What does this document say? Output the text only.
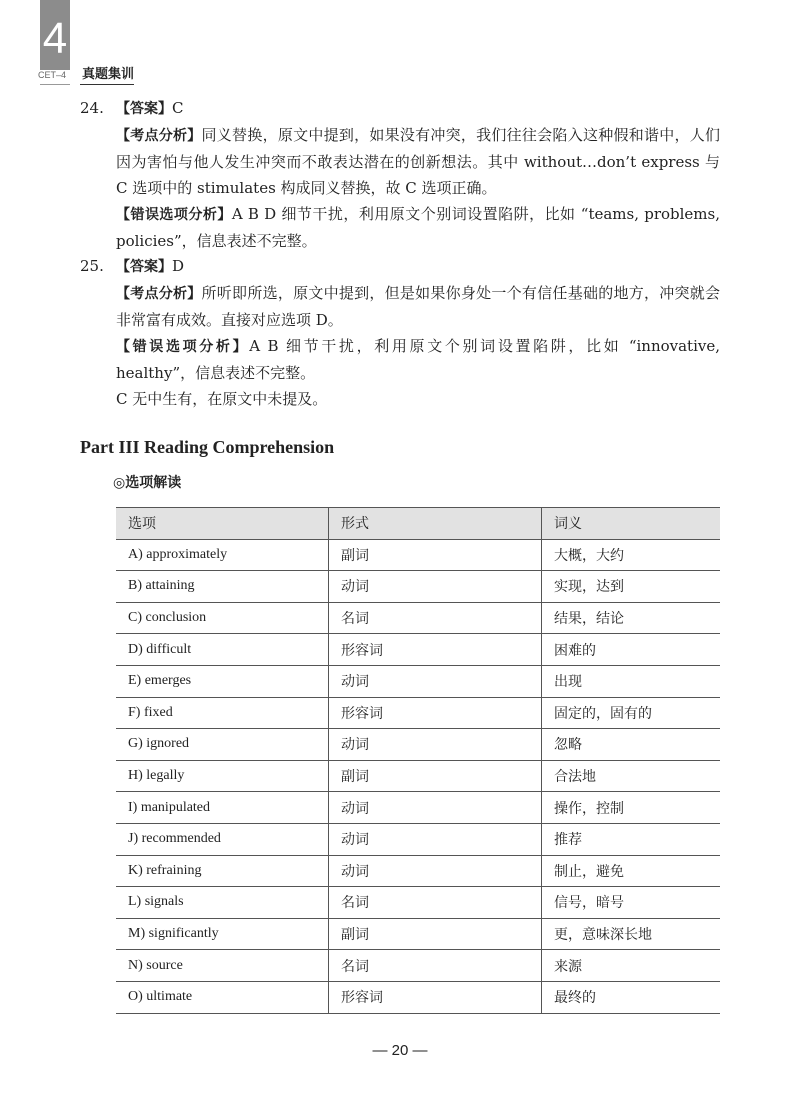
4
CET–4 真题集训
24. 【答案】C
【考点分析】同义替换，原文中提到，如果没有冲突，我们往往会陷入这种假和谐中，人们因为害怕与他人发生冲突而不敢表达潜在的创新想法。其中 without…don’t express 与 C 选项中的 stimulates 构成同义替换，故 C 选项正确。
【错误选项分析】A B D 细节干扰，利用原文个别词设置陷阱，比如 “teams, problems, policies”，信息表述不完整。
25. 【答案】D
【考点分析】所听即所选，原文中提到，但是如果你身处一个有信任基础的地方，冲突就会非常富有成效。直接对应选项 D。
【错误选项分析】A B 细节干扰，利用原文个别词设置陷阱，比如 “innovative, healthy”，信息表述不完整。
C 无中生有，在原文中未提及。
Part III Reading Comprehension
◎选项解读
选项	形式	词义
A) approximately	副词	大概，大约
B) attaining	动词	实现，达到
C) conclusion	名词	结果，结论
D) difficult	形容词	困难的
E) emerges	动词	出现
F) fixed	形容词	固定的，固有的
G) ignored	动词	忽略
H) legally	副词	合法地
I) manipulated	动词	操作，控制
J) recommended	动词	推荐
K) refraining	动词	制止，避免
L) signals	名词	信号，暗号
M) significantly	副词	更，意味深长地
N) source	名词	来源
O) ultimate	形容词	最终的
— 20 —
